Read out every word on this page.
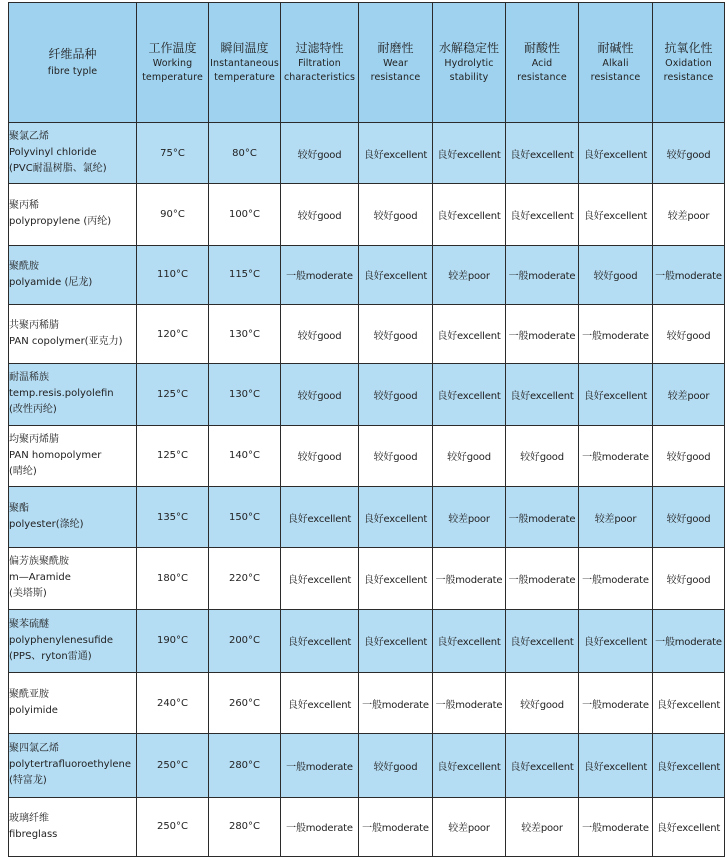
纤维品种
fibre typle	工作温度
Working
temperature	瞬间温度
Instantaneous
temperature	过滤特性
Filtration
characteristics	耐磨性
Wear
resistance	水解稳定性
Hydrolytic
stability	耐酸性
Acid
resistance	耐碱性
Alkali
resistance	抗氧化性
Oxidation
resistance

聚氯乙烯
Polyvinyl chloride
(PVC耐温树脂、氯纶)	75°C	80°C	较好good	良好excellent	良好excellent	良好excellent	良好excellent	较好good

聚丙稀
polypropylene (丙纶)	90°C	100°C	较好good	较好good	良好excellent	良好excellent	良好excellent	较差poor

聚酰胺
polyamide (尼龙)	110°C	115°C	一般moderate	良好excellent	较差poor	一般moderate	较好good	一般moderate

共聚丙稀腈
PAN copolymer(亚克力)	120°C	130°C	较好good	较好good	良好excellent	一般moderate	一般moderate	较好good

耐温稀族
temp.resis.polyolefin
(改性丙纶)	125°C	130°C	较好good	较好good	良好excellent	良好excellent	良好excellent	较差poor

均聚丙烯腈
PAN homopolymer
(晴纶)	125°C	140°C	较好good	较好good	较好good	较好good	一般moderate	较好good

聚酯
polyester(涤纶)	135°C	150°C	良好excellent	良好excellent	较差poor	一般moderate	较差poor	较好good

偏芳族聚酰胺
m—Aramide
(美塔斯)	180°C	220°C	良好excellent	良好excellent	一般moderate	一般moderate	一般moderate	较好good

聚苯硫醚
polyphenylenesufide
(PPS、ryton雷通)	190°C	200°C	良好excellent	良好excellent	良好excellent	良好excellent	良好excellent	一般moderate

聚酰亚胺
polyimide	240°C	260°C	良好excellent	一般moderate	一般moderate	较好good	一般moderate	良好excellent

聚四氯乙烯
polytertrafluoroethylene
(特富龙)	250°C	280°C	一般moderate	较好good	良好excellent	良好excellent	良好excellent	良好excellent

玻璃纤维
fibreglass	250°C	280°C	一般moderate	一般moderate	较差poor	较差poor	一般moderate	良好excellent
